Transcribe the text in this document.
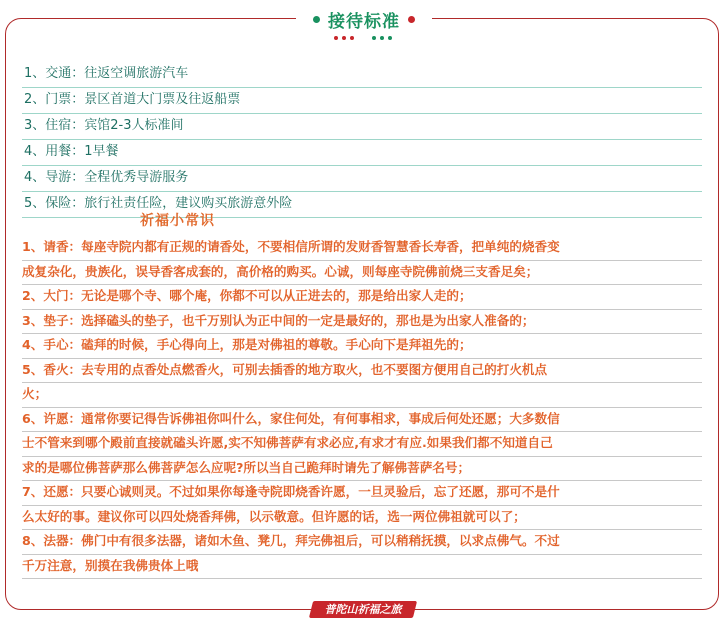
接待标准
1、交通：往返空调旅游汽车
2、门票：景区首道大门票及往返船票
3、住宿：宾馆2-3人标准间
4、用餐：1早餐
4、导游：全程优秀导游服务
5、保险：旅行社责任险，建议购买旅游意外险
祈福小常识
1、请香：每座寺院内都有正规的请香处，不要相信所谓的发财香智慧香长寿香，把单纯的烧香变
成复杂化，贵族化，误导香客成套的，高价格的购买。心诚，则每座寺院佛前烧三支香足矣；
2、大门：无论是哪个寺、哪个庵，你都不可以从正进去的，那是给出家人走的；
3、垫子：选择磕头的垫子，也千万别认为正中间的一定是最好的，那也是为出家人准备的；
4、手心：磕拜的时候，手心得向上，那是对佛祖的尊敬。手心向下是拜祖先的；
5、香火：去专用的点香处点燃香火，可别去插香的地方取火，也不要图方便用自己的打火机点
火；
6、许愿：通常你要记得告诉佛祖你叫什么，家住何处，有何事相求，事成后何处还愿；大多数信
士不管来到哪个殿前直接就磕头许愿,实不知佛菩萨有求必应,有求才有应.如果我们都不知道自己
求的是哪位佛菩萨那么佛菩萨怎么应呢?所以当自己跪拜时请先了解佛菩萨名号；
7、还愿：只要心诚则灵。不过如果你每逢寺院即烧香许愿，一旦灵验后，忘了还愿，那可不是什
么太好的事。建议你可以四处烧香拜佛，以示敬意。但许愿的话，选一两位佛祖就可以了；
8、法器：佛门中有很多法器，诸如木鱼、凳几，拜完佛祖后，可以稍稍抚摸，以求点佛气。不过
千万注意，别摸在我佛贵体上哦
普陀山祈福之旅
